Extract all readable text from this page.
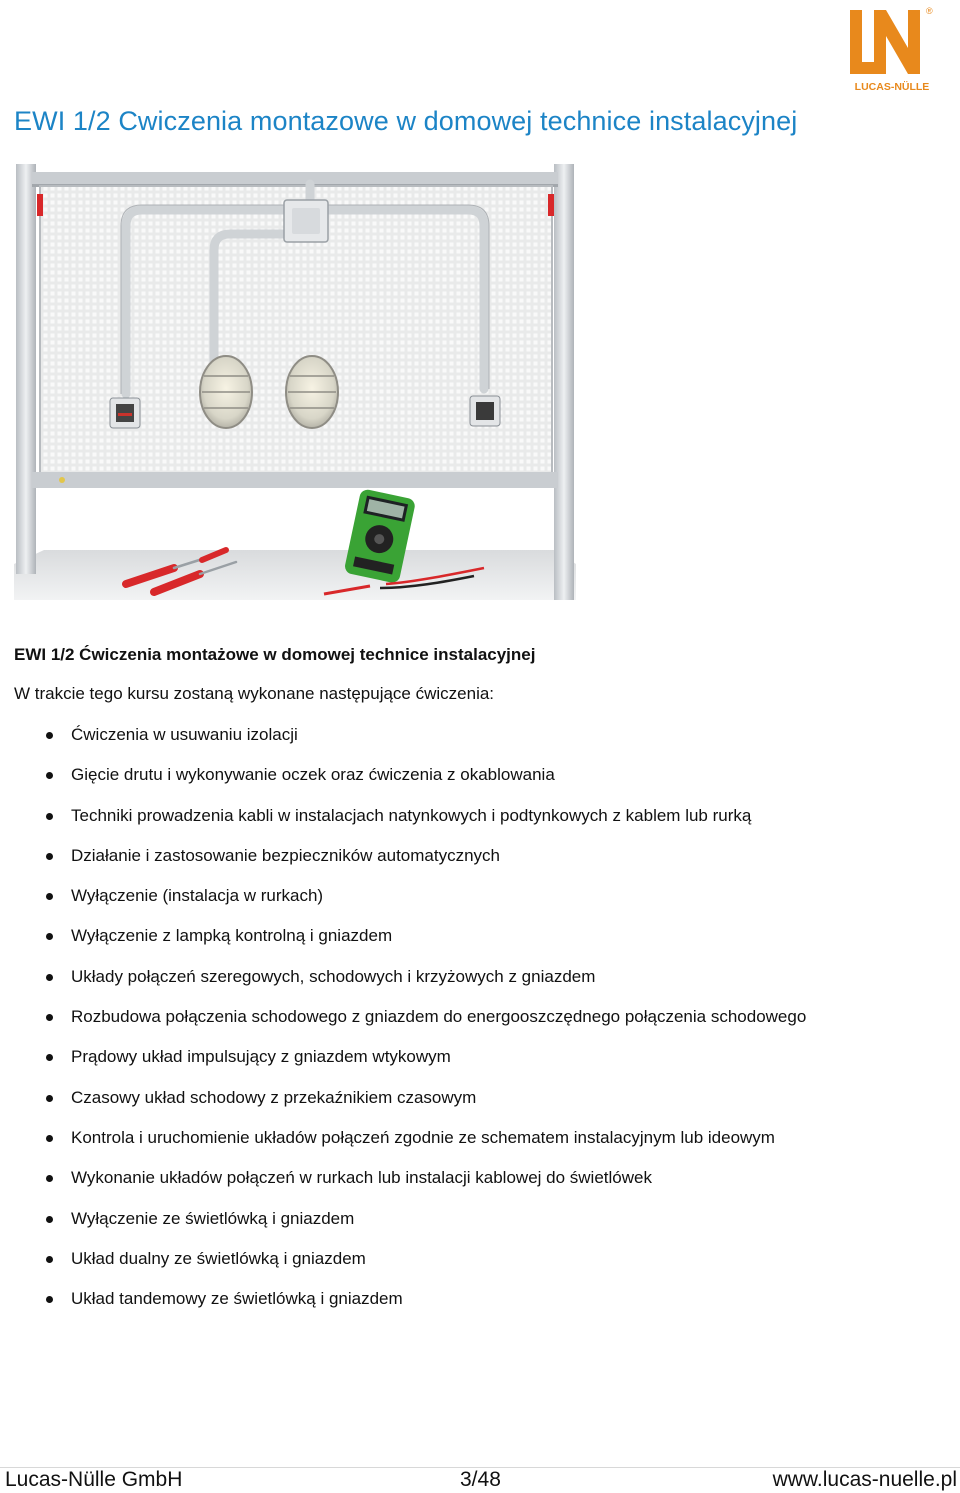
®
LUCAS-NÜLLE
EWI 1/2 Cwiczenia montazowe w domowej technice instalacyjnej
EWI 1/2 Ćwiczenia montażowe w domowej technice instalacyjnej
W trakcie tego kursu zostaną wykonane następujące ćwiczenia:
Ćwiczenia w usuwaniu izolacji
Gięcie drutu i wykonywanie oczek oraz ćwiczenia z okablowania
Techniki prowadzenia kabli w instalacjach natynkowych i podtynkowych z kablem lub rurką
Działanie i zastosowanie bezpieczników automatycznych
Wyłączenie (instalacja w rurkach)
Wyłączenie z lampką kontrolną i gniazdem
Układy połączeń szeregowych, schodowych i krzyżowych z gniazdem
Rozbudowa połączenia schodowego z gniazdem do energooszczędnego połączenia schodowego
Prądowy układ impulsujący z gniazdem wtykowym
Czasowy układ schodowy z przekaźnikiem czasowym
Kontrola i uruchomienie układów połączeń zgodnie ze schematem instalacyjnym lub ideowym
Wykonanie układów połączeń w rurkach lub instalacji kablowej do świetlówek
Wyłączenie ze świetlówką i gniazdem
Układ dualny ze świetlówką i gniazdem
Układ tandemowy ze świetlówką i gniazdem
Lucas-Nülle GmbH	3/48	www.lucas-nuelle.pl
